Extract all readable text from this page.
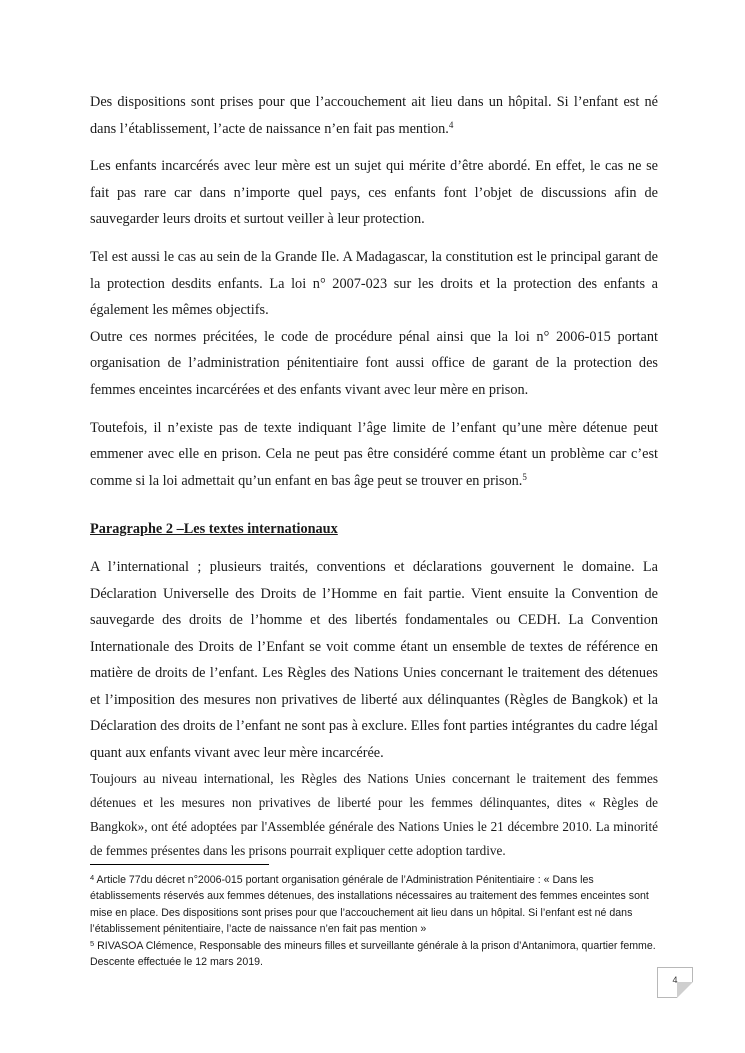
Des dispositions sont prises pour que l’accouchement ait lieu dans un hôpital. Si l’enfant est né dans l’établissement, l’acte de naissance n’en fait pas mention.$^4$

Les enfants incarcérés avec leur mère est un sujet qui mérite d’être abordé. En effet, le cas ne se fait pas rare car dans n’importe quel pays, ces enfants font l’objet de discussions afin de sauvegarder leurs droits et surtout veiller à leur protection.

Tel est aussi le cas au sein de la Grande Ile. A Madagascar, la constitution est le principal garant de la protection desdits enfants. La loi n° 2007-023 sur les droits et la protection des enfants a également les mêmes objectifs.

Outre ces normes précitées, le code de procédure pénal ainsi que la loi n° 2006-015 portant organisation de l’administration pénitentiaire font aussi office de garant de la protection des femmes enceintes incarcérées et des enfants vivant avec leur mère en prison.

Toutefois, il n’existe pas de texte indiquant l’âge limite de l’enfant qu’une mère détenue peut emmener avec elle en prison. Cela ne peut pas être considéré comme étant un problème car c’est comme si la loi admettait qu’un enfant en bas âge peut se trouver en prison.$^5$

Paragraphe 2 –Les textes internationaux

A l’international ; plusieurs traités, conventions et déclarations gouvernent le domaine. La Déclaration Universelle des Droits de l’Homme en fait partie. Vient ensuite la Convention de sauvegarde des droits de l’homme et des libertés fondamentales ou CEDH. La Convention Internationale des Droits de l’Enfant se voit comme étant un ensemble de textes de référence en matière de droits de l’enfant. Les Règles des Nations Unies concernant le traitement des détenues et l’imposition des mesures non privatives de liberté aux délinquantes (Règles de Bangkok) et la Déclaration des droits de l’enfant ne sont pas à exclure. Elles font parties intégrantes du cadre légal quant aux enfants vivant avec leur mère incarcérée.

Toujours au niveau international, les Règles des Nations Unies concernant le traitement des femmes détenues et les mesures non privatives de liberté pour les femmes délinquantes, dites « Règles de Bangkok», ont été adoptées par l'Assemblée générale des Nations Unies le 21 décembre 2010. La minorité de femmes présentes dans les prisons pourrait expliquer cette adoption tardive.

$^4$ Article 77du décret n°2006-015 portant organisation générale de l’Administration Pénitentiaire : « Dans les établissements réservés aux femmes détenues, des installations nécessaires au traitement des femmes enceintes sont mise en place. Des dispositions sont prises pour que l’accouchement ait lieu dans un hôpital. Si l’enfant est né dans l’établissement pénitentiaire, l’acte de naissance n’en fait pas mention »

$^5$ RIVASOA Clémence, Responsable des mineurs filles et surveillante générale à la prison d’Antanimora, quartier femme. Descente effectuée le 12 mars 2019.

4
